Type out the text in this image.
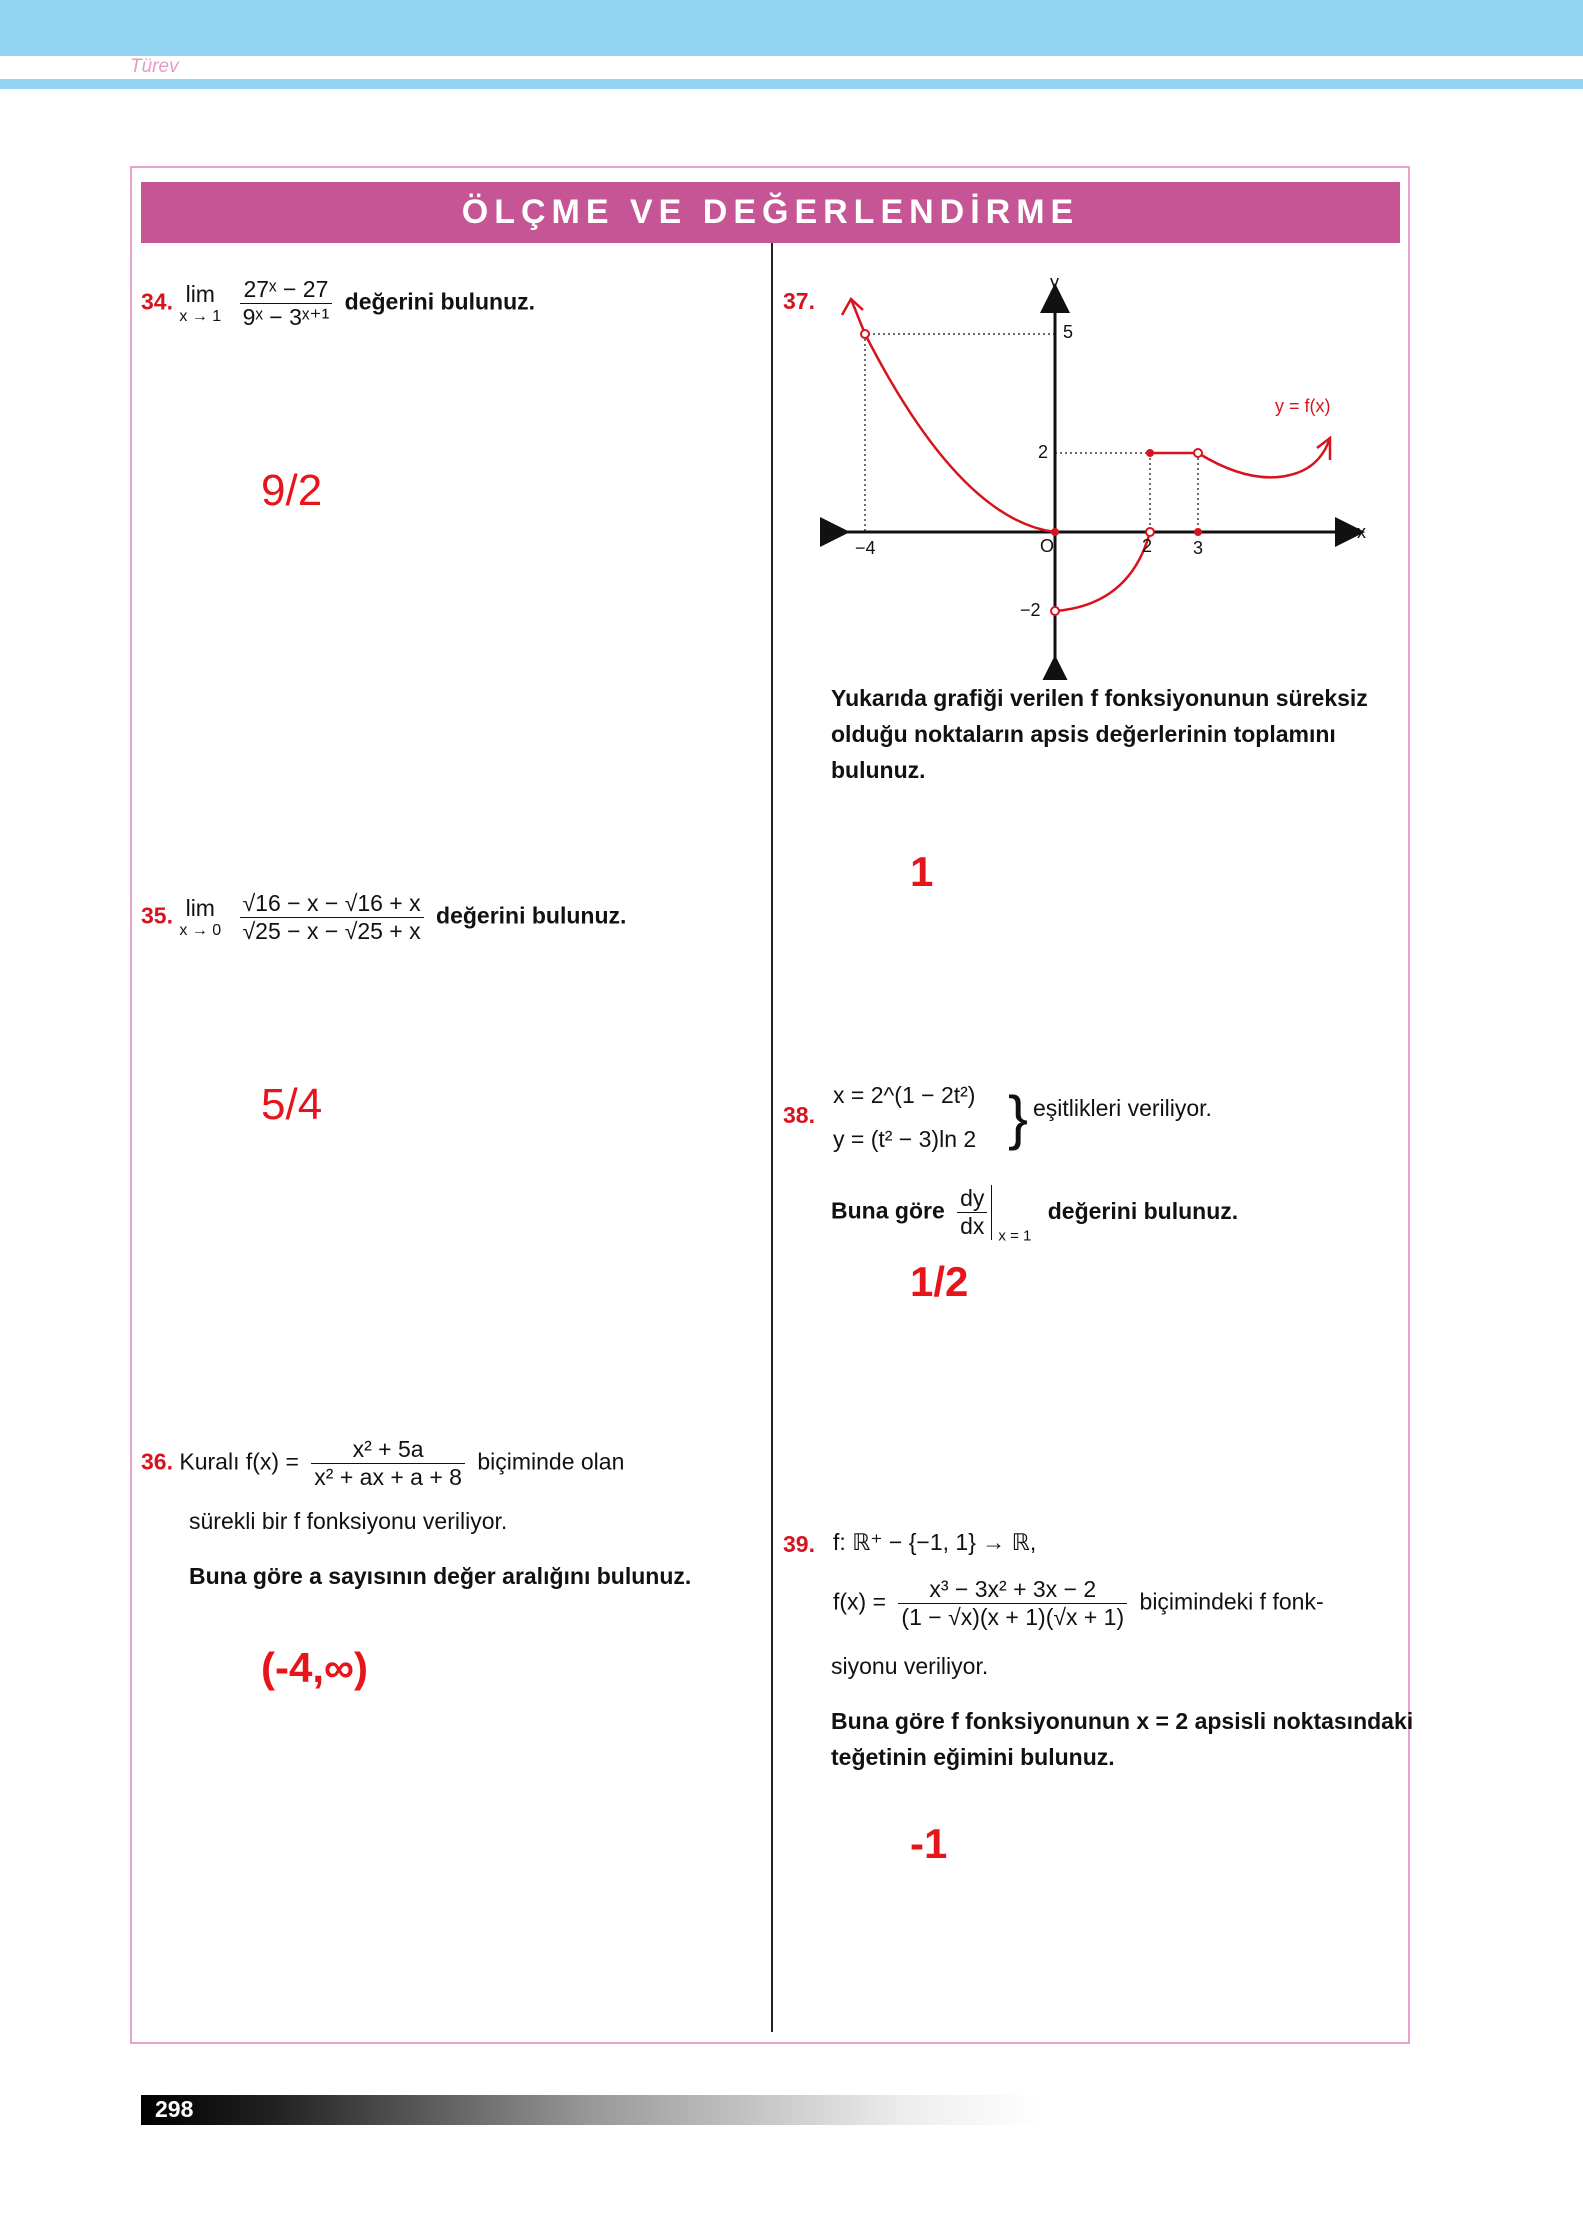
Türev
ÖLÇME VE DEĞERLENDİRME
34. lim
x → 1
$\frac{\text{27ˣ − 27}}{\text{9ˣ − 3ˣ⁺¹}}$ değerini bulunuz.
9/2
35. lim
x → 0
$\frac{√16 - x - √16 + x}{√25 - x - √25 + x}$ değerini bulunuz.
5/4
36. Kuralı $f(x) = \frac{\text{x² + 5a}}{\text{x² + ax + a + 8}}$ biçiminde olan
sürekli bir f fonksiyonu veriliyor.
Buna göre a sayısının değer aralığını bulunuz.
(-4,∞)
37.
y
x
−4	O	2 3
5
2
−2
y = f(x)
Yukarıda grafiği verilen f fonksiyonunun süreksiz
olduğu noktaların apsis değerlerinin toplamını
bulunuz.
1
38.
x = 2^(1 − 2t²)
y = (t² − 3)ln 2 } eşitlikleri veriliyor.
Buna göre $\frac{dy}{dx} _{x = 1}$ değerini bulunuz.
1/2
39. f: ℝ⁺ − {−1, 1} → ℝ,
$f(x) = \frac{\text{x³ − 3x² + 3x − 2}}{(1 - √x)(x + 1)(√x + 1)}$ biçimindeki f fonk-
siyonu veriliyor.
Buna göre f fonksiyonunun x = 2 apsisli noktasındaki
teğetinin eğimini bulunuz.
-1
298
